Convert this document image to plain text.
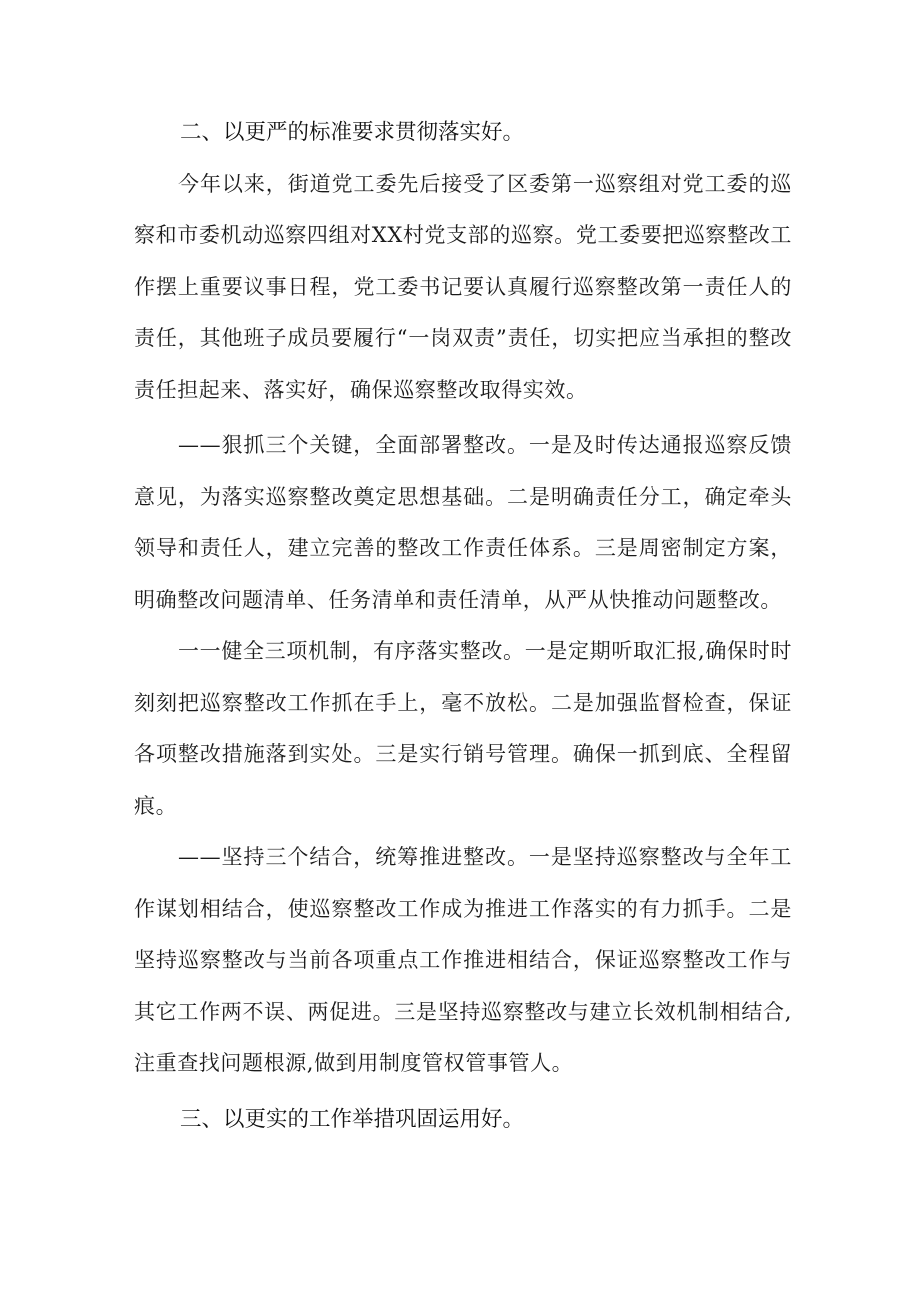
二、以更严的标准要求贯彻落实好。

今年以来，街道党工委先后接受了区委第一巡察组对党工委的巡察和市委机动巡察四组对XX村党支部的巡察。党工委要把巡察整改工作摆上重要议事日程，党工委书记要认真履行巡察整改第一责任人的责任，其他班子成员要履行“一岗双责”责任，切实把应当承担的整改责任担起来、落实好，确保巡察整改取得实效。

——狠抓三个关键，全面部署整改。一是及时传达通报巡察反馈意见，为落实巡察整改奠定思想基础。二是明确责任分工，确定牵头领导和责任人，建立完善的整改工作责任体系。三是周密制定方案，明确整改问题清单、任务清单和责任清单，从严从快推动问题整改。

一一健全三项机制，有序落实整改。一是定期听取汇报,确保时时刻刻把巡察整改工作抓在手上，毫不放松。二是加强监督检查，保证各项整改措施落到实处。三是实行销号管理。确保一抓到底、全程留痕。

——坚持三个结合，统筹推进整改。一是坚持巡察整改与全年工作谋划相结合，使巡察整改工作成为推进工作落实的有力抓手。二是坚持巡察整改与当前各项重点工作推进相结合，保证巡察整改工作与其它工作两不误、两促进。三是坚持巡察整改与建立长效机制相结合,注重查找问题根源,做到用制度管权管事管人。

三、以更实的工作举措巩固运用好。
